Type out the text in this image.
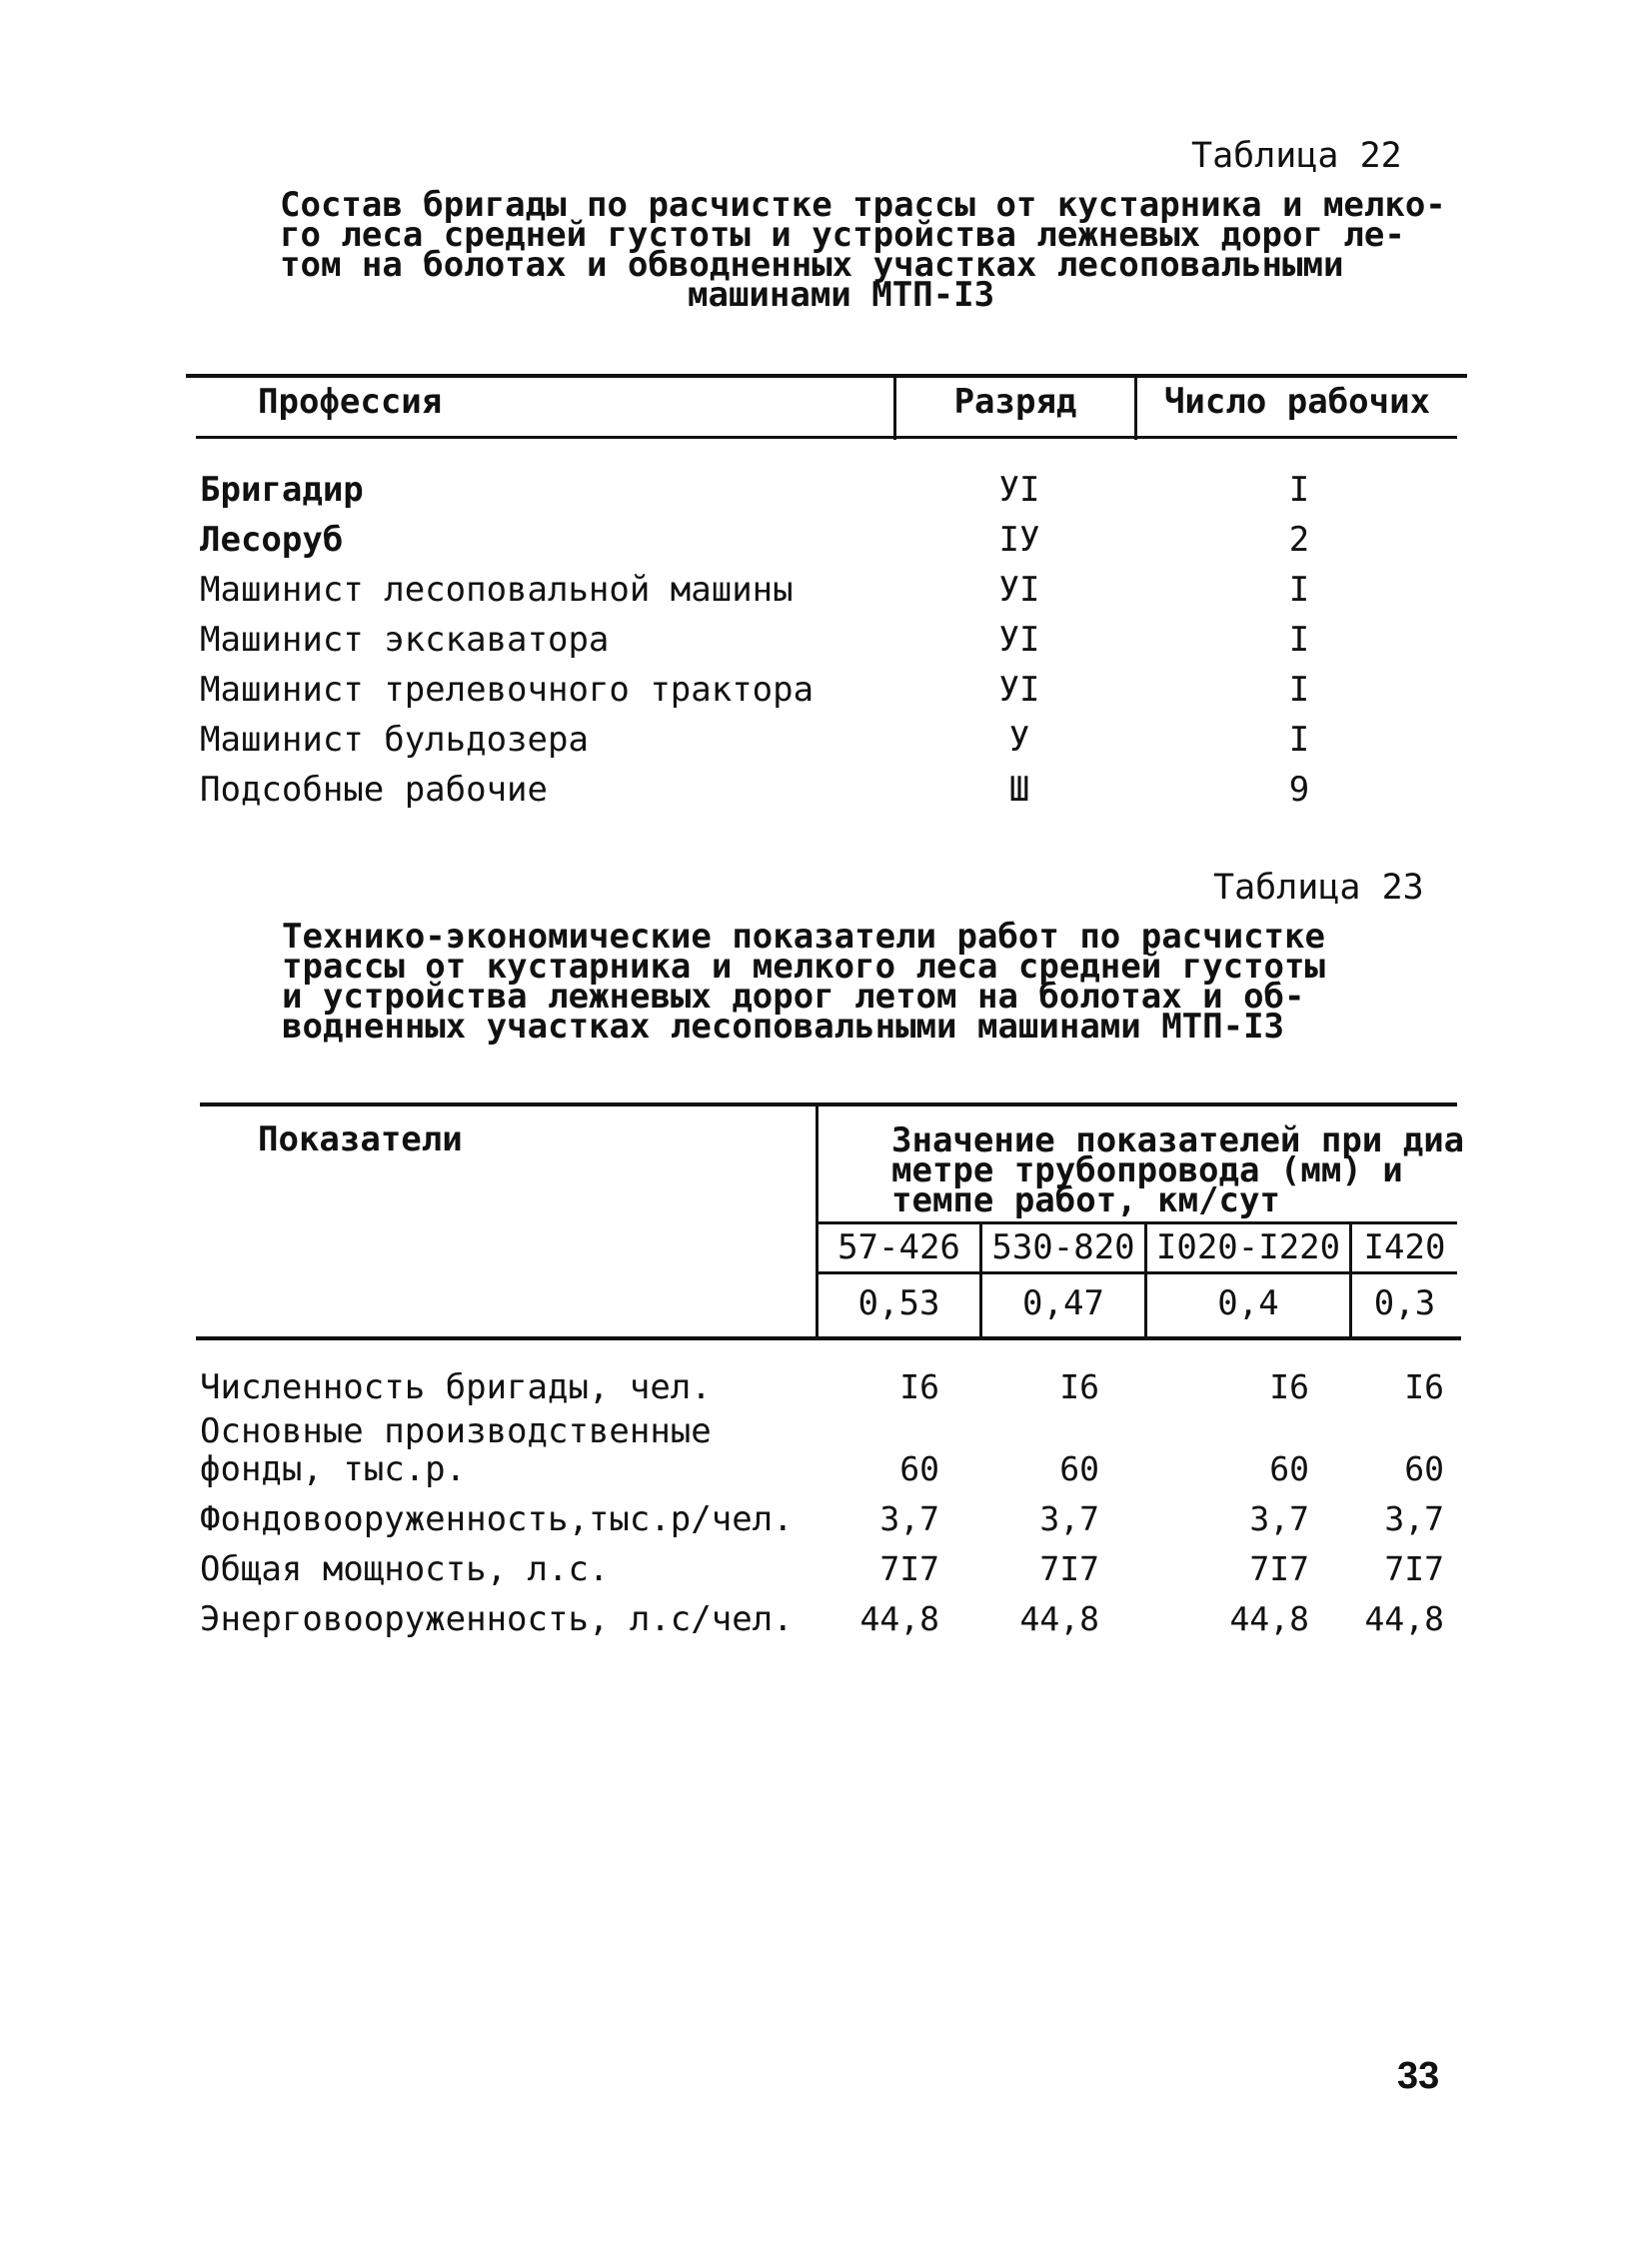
Таблица 22
Состав бригады по расчистке трассы от кустарника и мелко-
го леса средней густоты и устройства лежневых дорог ле-
том на болотах и обводненных участках лесоповальными
машинами МТП-I3
Профессия	Разряд	Число рабочих
Бригадир	УI	I
Лесоруб	IУ	2
Машинист лесоповальной машины	УI	I
Машинист экскаватора	УI	I
Машинист трелевочного трактора	УI	I
Машинист бульдозера	У	I
Подсобные рабочие	Ш	9
Таблица 23
Технико-экономические показатели работ по расчистке
трассы от кустарника и мелкого леса средней густоты
и устройства лежневых дорог летом на болотах и об-
водненных участках лесоповальными машинами МТП-I3
Показатели	Значение показателей при диа
метре трубопровода (мм) и
темпе работ, км/сут
57-426 530-820 I020-I220 I420
0,53	0,47	0,4	0,3
Численность бригады, чел.	I6	I6	I6	I6
Основные производственные
фонды, тыс.р.	60	60	60	60
Фондовооруженность,тыс.р/чел.	3,7	3,7	3,7	3,7
Общая мощность, л.с.	7I7	7I7	7I7	7I7
Энерговооруженность, л.с/чел.	44,8	44,8	44,8	44,8
33
